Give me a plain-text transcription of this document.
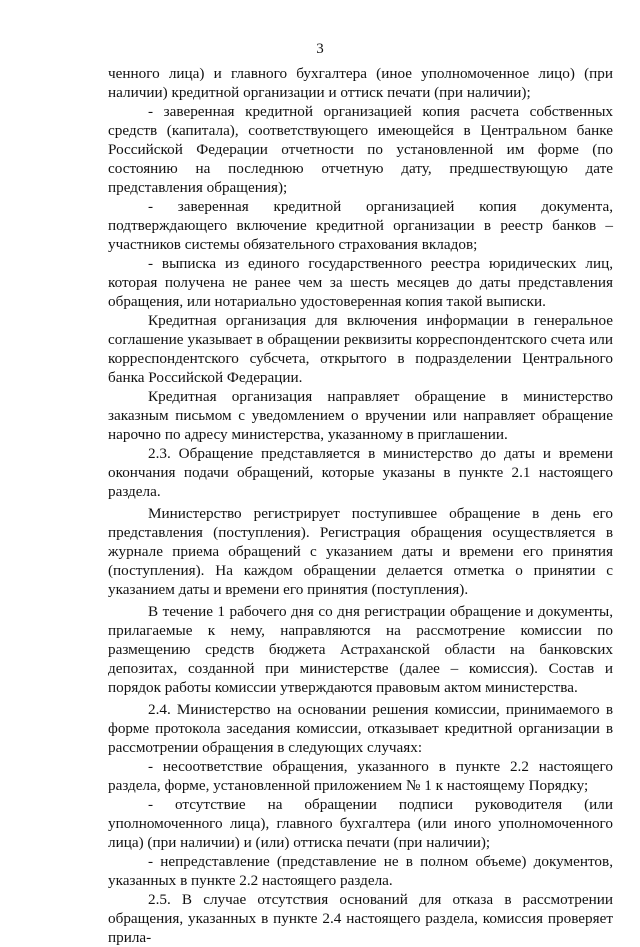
3

ченного лица) и главного бухгалтера (иное уполномоченное лицо) (при наличии) кредитной организации и оттиск печати (при наличии);

- заверенная кредитной организацией копия расчета собственных средств (капитала), соответствующего имеющейся в Центральном банке Российской Федерации отчетности по установленной им форме (по состоянию на последнюю отчетную дату, предшествующую дате представления обращения);

- заверенная кредитной организацией копия документа, подтверждающего включение кредитной организации в реестр банков – участников системы обязательного страхования вкладов;

- выписка из единого государственного реестра юридических лиц, которая получена не ранее чем за шесть месяцев до даты представления обращения, или нотариально удостоверенная копия такой выписки.

Кредитная организация для включения информации в генеральное соглашение указывает в обращении реквизиты корреспондентского счета или корреспондентского субсчета, открытого в подразделении Центрального банка Российской Федерации.

Кредитная организация направляет обращение в министерство заказным письмом с уведомлением о вручении или направляет обращение нарочно по адресу министерства, указанному в приглашении.

2.3. Обращение представляется в министерство до даты и времени окончания подачи обращений, которые указаны в пункте 2.1 настоящего раздела.

Министерство регистрирует поступившее обращение в день его представления (поступления). Регистрация обращения осуществляется в журнале приема обращений с указанием даты и времени его принятия (поступления). На каждом обращении делается отметка о принятии с указанием даты и времени его принятия (поступления).

В течение 1 рабочего дня со дня регистрации обращение и документы, прилагаемые к нему, направляются на рассмотрение комиссии по размещению средств бюджета Астраханской области на банковских депозитах, созданной при министерстве (далее – комиссия). Состав и порядок работы комиссии утверждаются правовым актом министерства.

2.4. Министерство на основании решения комиссии, принимаемого в форме протокола заседания комиссии, отказывает кредитной организации в рассмотрении обращения в следующих случаях:

- несоответствие обращения, указанного в пункте 2.2 настоящего раздела, форме, установленной приложением № 1 к настоящему Порядку;

- отсутствие на обращении подписи руководителя (или уполномоченного лица), главного бухгалтера (или иного уполномоченного лица) (при наличии) и (или) оттиска печати (при наличии);

- непредставление (представление не в полном объеме) документов, указанных в пункте 2.2 настоящего раздела.

2.5. В случае отсутствия оснований для отказа в рассмотрении обращения, указанных в пункте 2.4 настоящего раздела, комиссия проверяет прила-
